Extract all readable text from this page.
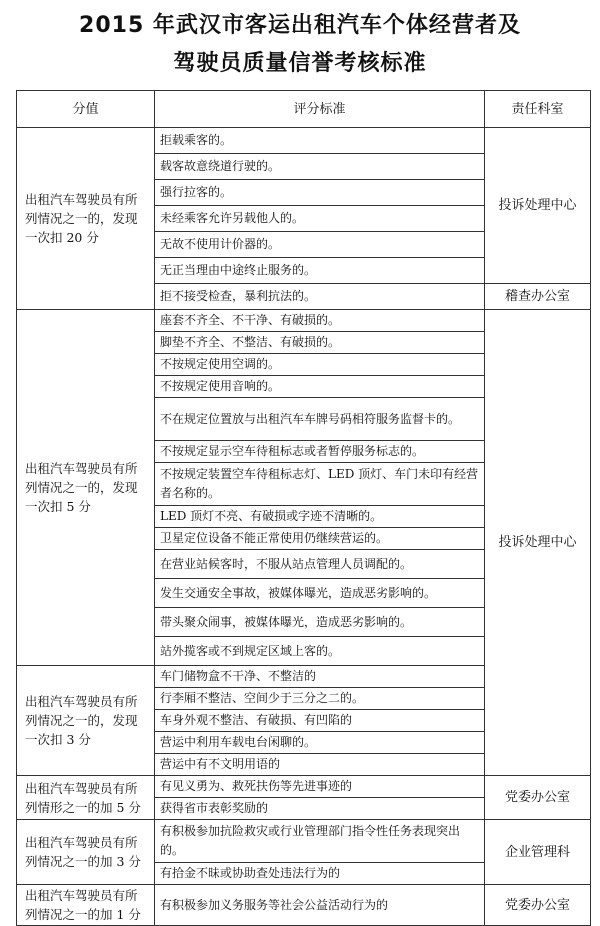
2015 年武汉市客运出租汽车个体经营者及
驾驶员质量信誉考核标准
分值	评分标准	责任科室
出租汽车驾驶员有所列情况之一的，发现一次扣 20 分	拒载乘客的。	投诉处理中心
	载客故意绕道行驶的。	
	强行拉客的。	
	未经乘客允许另载他人的。	
	无故不使用计价器的。	
	无正当理由中途终止服务的。	
	拒不接受检查，暴利抗法的。	稽查办公室
出租汽车驾驶员有所列情况之一的，发现一次扣 5 分	座套不齐全、不干净、有破损的。	投诉处理中心
	脚垫不齐全、不整洁、有破损的。	
	不按规定使用空调的。	
	不按规定使用音响的。	
	不在规定位置放与出租汽车车牌号码相符服务监督卡的。	
	不按规定显示空车待租标志或者暂停服务标志的。	
	不按规定装置空车待租标志灯、LED 顶灯、车门未印有经营者名称的。	
	LED 顶灯不亮、有破损或字迹不清晰的。	
	卫星定位设备不能正常使用仍继续营运的。	
	在营业站候客时，不服从站点管理人员调配的。	
	发生交通安全事故，被媒体曝光，造成恶劣影响的。	
	带头聚众闹事，被媒体曝光，造成恶劣影响的。	
	站外揽客或不到规定区域上客的。	
出租汽车驾驶员有所列情况之一的，发现一次扣 3 分	车门储物盒不干净、不整洁的	
	行李厢不整洁、空间少于三分之二的。	
	车身外观不整洁、有破损、有凹陷的	
	营运中利用车载电台闲聊的。	
	营运中有不文明用语的	
出租汽车驾驶员有所列情形之一的加 5 分	有见义勇为、救死扶伤等先进事迹的	党委办公室
	获得省市表彰奖励的	
出租汽车驾驶员有所列情况之一的加 3 分	有积极参加抗险救灾或行业管理部门指令性任务表现突出的。	企业管理科
	有拾金不昧或协助查处违法行为的	
出租汽车驾驶员有所列情况之一的加 1 分	有积极参加义务服务等社会公益活动行为的	党委办公室
